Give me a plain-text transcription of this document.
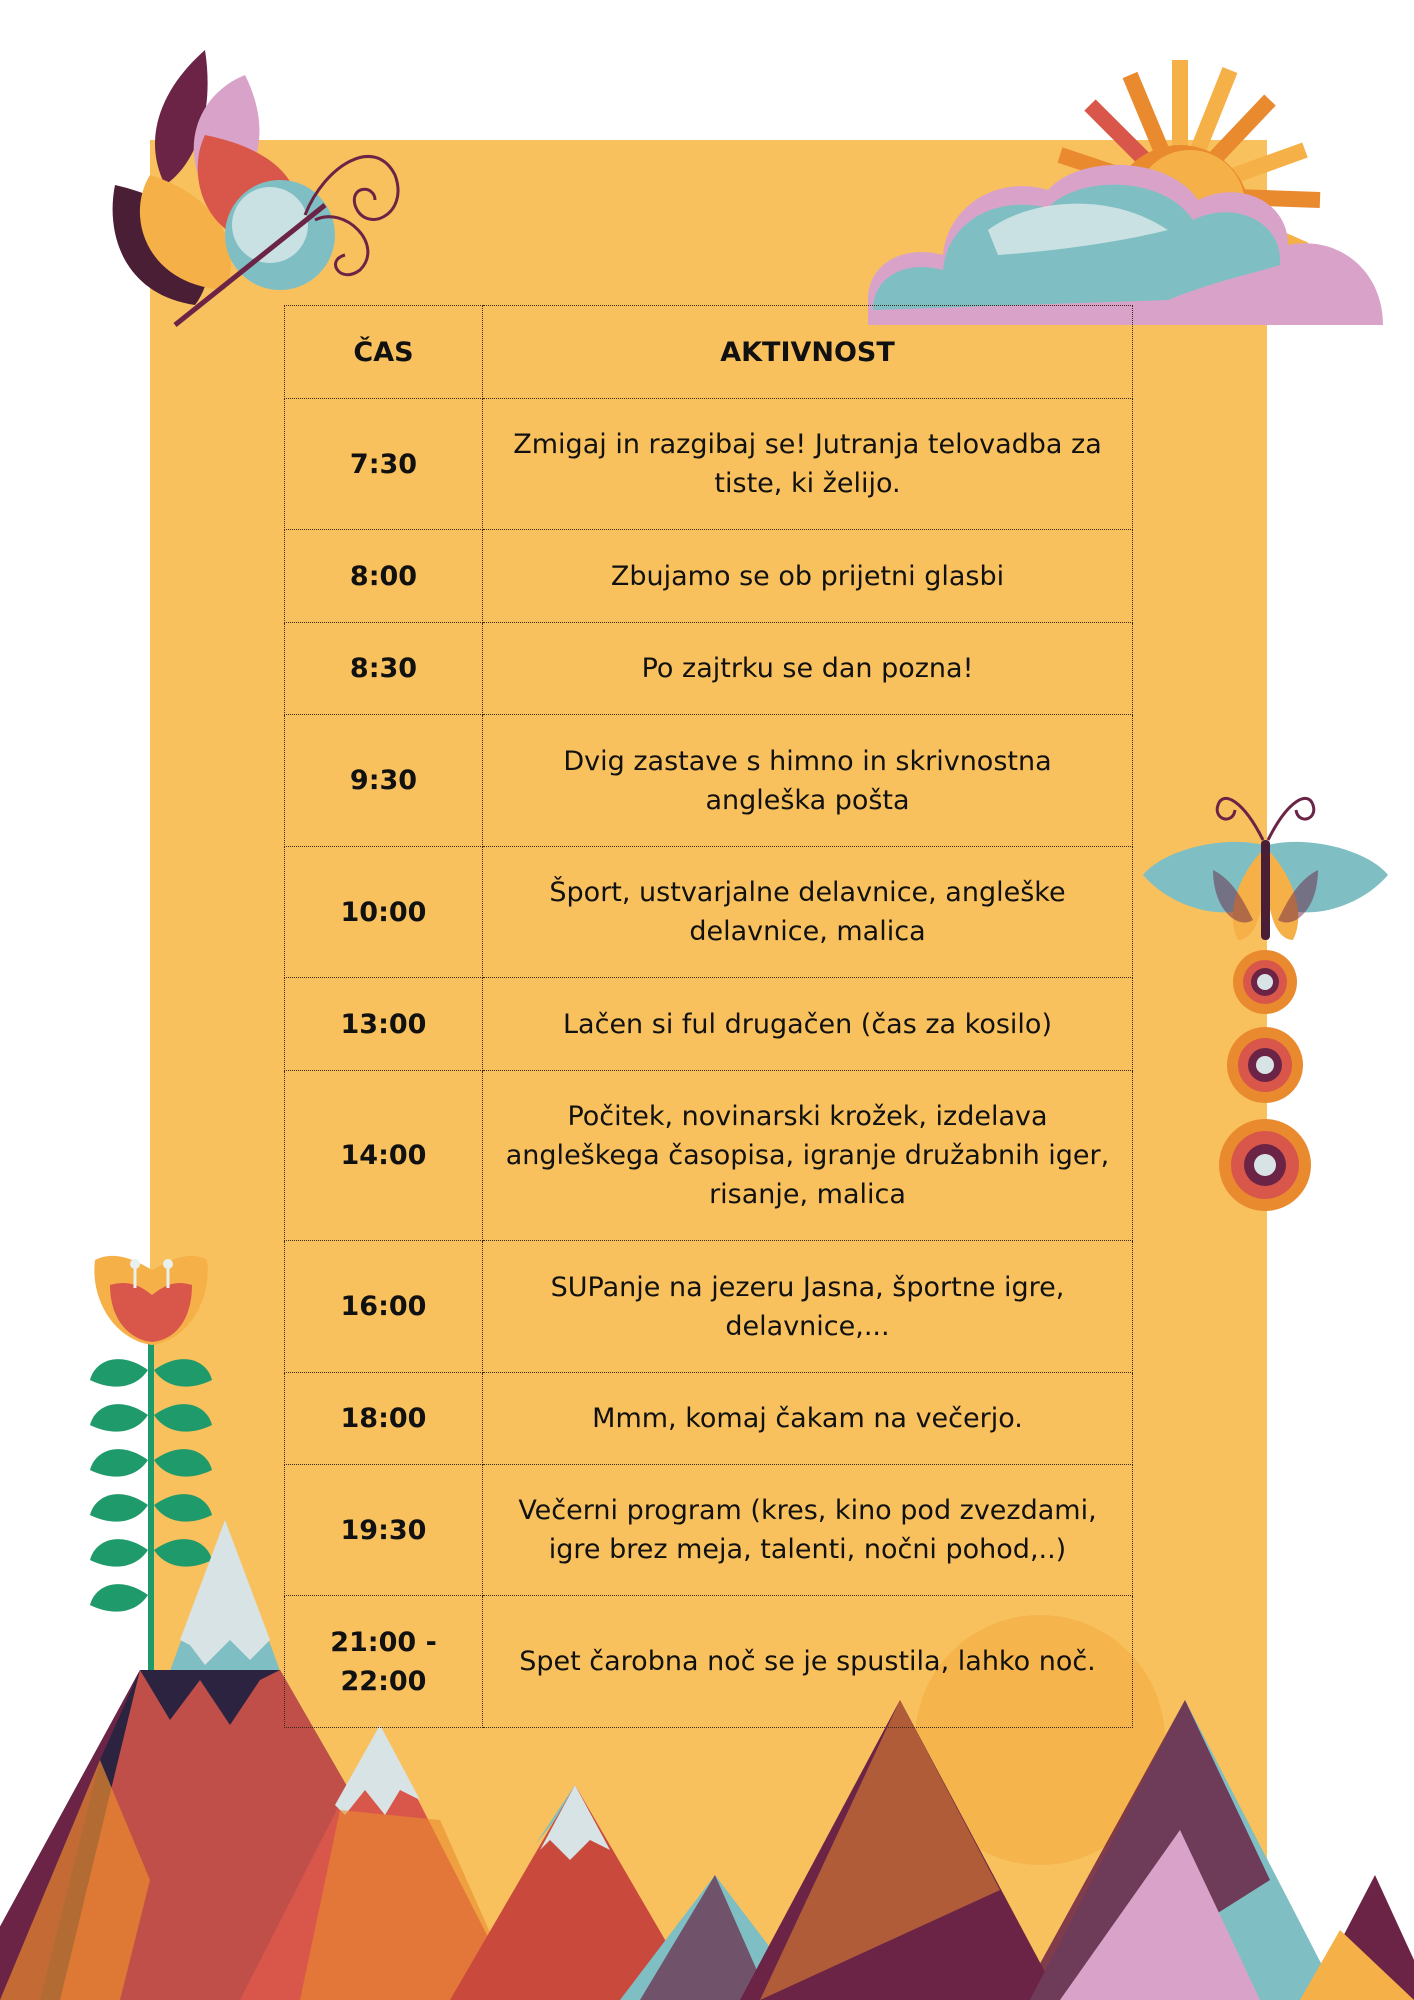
ČAS	AKTIVNOST
7:30	Zmigaj in razgibaj se! Jutranja telovadba za tiste, ki želijo.
8:00	Zbujamo se ob prijetni glasbi
8:30	Po zajtrku se dan pozna!
9:30	Dvig zastave s himno in skrivnostna angleška pošta
10:00	Šport, ustvarjalne delavnice, angleške delavnice, malica
13:00	Lačen si ful drugačen (čas za kosilo)
14:00	Počitek, novinarski krožek, izdelava angleškega časopisa, igranje družabnih iger, risanje, malica
16:00	SUPanje na jezeru Jasna, športne igre, delavnice,...
18:00	Mmm, komaj čakam na večerjo.
19:30	Večerni program (kres, kino pod zvezdami, igre brez meja, talenti, nočni pohod,..)
21:00 - 22:00	Spet čarobna noč se je spustila, lahko noč.
